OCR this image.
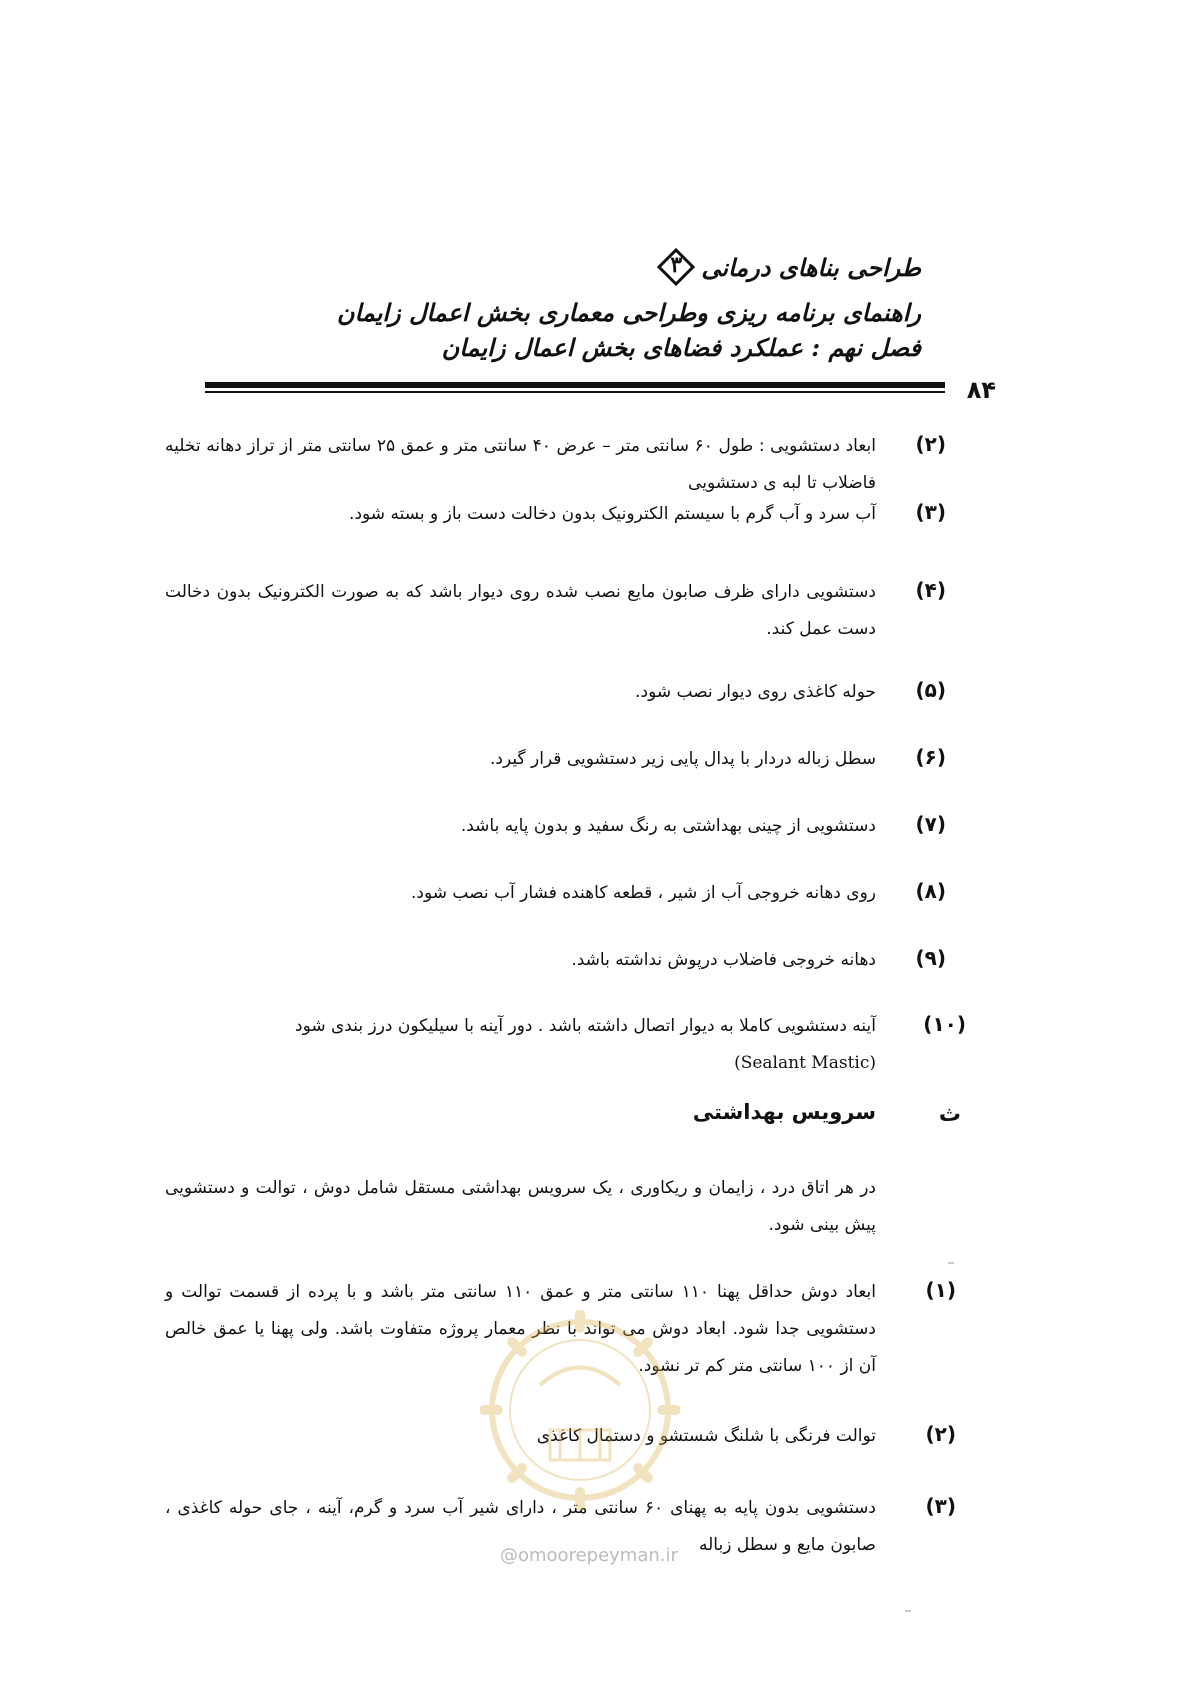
طراحی بناهای درمانی
۳
راهنمای برنامه ریزی وطراحی معماری بخش اعمال زایمان
فصل نهم : عملکرد فضاهای بخش اعمال زایمان
۸۴
(۲)
ابعاد دستشویی : طول ۶۰ سانتی متر – عرض ۴۰ سانتی متر و عمق ۲۵ سانتی متر از تراز دهانه تخلیه فاضلاب تا لبه ی دستشویی
(۳)
آب سرد و آب گرم با سیستم الکترونیک بدون دخالت دست باز و بسته شود.
(۴)
دستشویی دارای ظرف صابون مایع نصب شده روی دیوار باشد که به صورت الکترونیک بدون دخالت دست عمل کند.
(۵)
حوله کاغذی روی دیوار نصب شود.
(۶)
سطل زباله دردار با پدال پایی زیر دستشویی قرار گیرد.
(۷)
دستشویی از چینی بهداشتی به رنگ سفید و بدون پایه باشد.
(۸)
روی دهانه خروجی آب از شیر ، قطعه کاهنده فشار آب نصب شود.
(۹)
دهانه خروجی فاضلاب درپوش نداشته باشد.
(۱۰)
آینه دستشویی کاملا به دیوار اتصال داشته باشد . دور آینه با سیلیکون درز بندی شود
(Sealant Mastic)
ث
سرویس بهداشتی
در هر اتاق درد ، زایمان و ریکاوری ، یک سرویس بهداشتی مستقل شامل دوش ، توالت و دستشویی پیش بینی شود.
(۱)
ابعاد دوش حداقل پهنا ۱۱۰ سانتی متر و عمق ۱۱۰ سانتی متر باشد و با پرده از قسمت توالت و دستشویی جدا شود. ابعاد دوش می تواند با نظر معمار پروژه متفاوت باشد. ولی پهنا یا عمق خالص آن از ۱۰۰ سانتی متر کم تر نشود.
(۲)
توالت فرنگی با شلنگ شستشو و دستمال کاغذی
(۳)
دستشویی بدون پایه به پهنای ۶۰ سانتی متر ، دارای شیر آب سرد و گرم، آینه ، جای حوله کاغذی ، صابون مایع و سطل زباله
@omoorepeyman.ir
